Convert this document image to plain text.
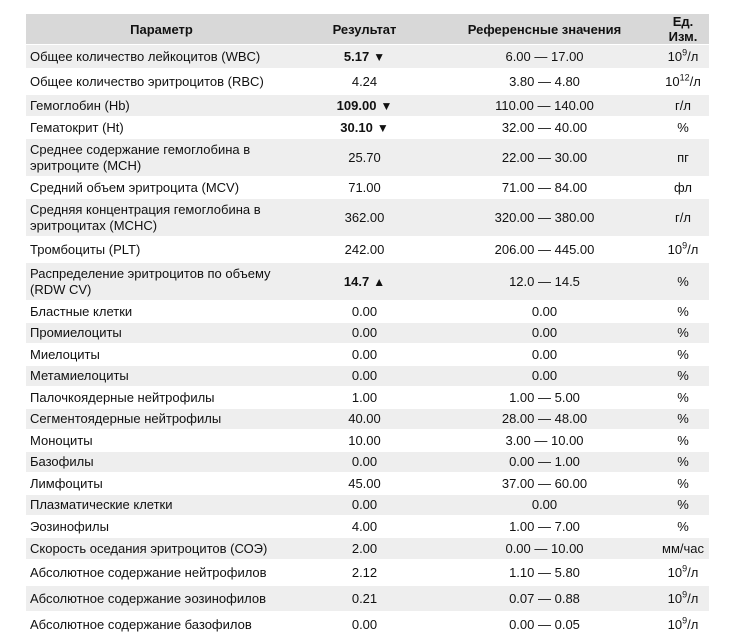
Параметр	Результат	Референсные значения	Ед. Изм.
Общее количество лейкоцитов (WBC)	5.17 ▼	6.00 — 17.00	$10^9/л$
Общее количество эритроцитов (RBC)	4.24	3.80 — 4.80	$10^{12}/л$
Гемоглобин (Hb)	109.00 ▼	110.00 — 140.00	г/л
Гематокрит (Ht)	30.10 ▼	32.00 — 40.00	%
Среднее содержание гемоглобина в эритроците (МСН)	25.70	22.00 — 30.00	пг
Средний объем эритроцита (MCV)	71.00	71.00 — 84.00	фл
Средняя концентрация гемоглобина в эритроцитах (МСНС)	362.00	320.00 — 380.00	г/л
Тромбоциты (PLT)	242.00	206.00 — 445.00	$10^9/л$
Распределение эритроцитов по объему (RDW CV)	14.7 ▲	12.0 — 14.5	%
Бластные клетки	0.00	0.00	%
Промиелоциты	0.00	0.00	%
Миелоциты	0.00	0.00	%
Метамиелоциты	0.00	0.00	%
Палочкоядерные нейтрофилы	1.00	1.00 — 5.00	%
Сегментоядерные нейтрофилы	40.00	28.00 — 48.00	%
Моноциты	10.00	3.00 — 10.00	%
Базофилы	0.00	0.00 — 1.00	%
Лимфоциты	45.00	37.00 — 60.00	%
Плазматические клетки	0.00	0.00	%
Эозинофилы	4.00	1.00 — 7.00	%
Скорость оседания эритроцитов (СОЭ)	2.00	0.00 — 10.00	мм/час
Абсолютное содержание нейтрофилов	2.12	1.10 — 5.80	$10^9/л$
Абсолютное содержание эозинофилов	0.21	0.07 — 0.88	$10^9/л$
Абсолютное содержание базофилов	0.00	0.00 — 0.05	$10^9/л$
